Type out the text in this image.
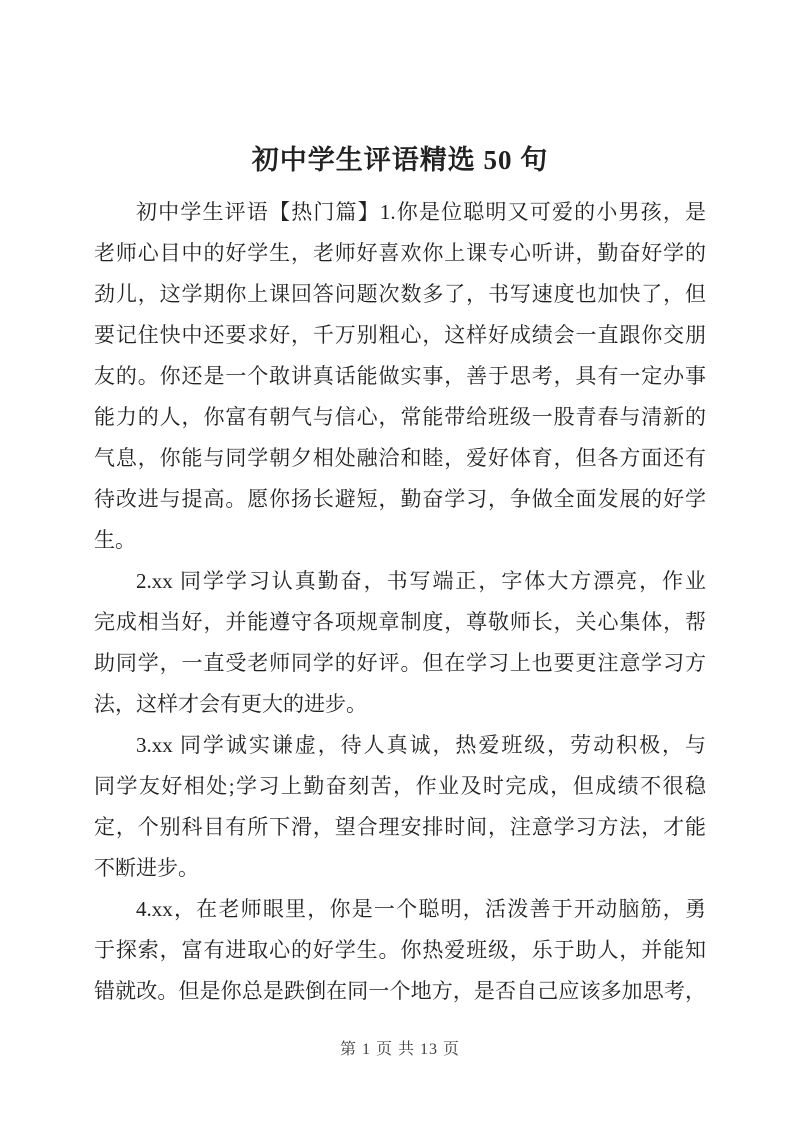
初中学生评语精选 50 句
初中学生评语【热门篇】1.你是位聪明又可爱的小男孩，是
老师心目中的好学生，老师好喜欢你上课专心听讲，勤奋好学的
劲儿，这学期你上课回答问题次数多了，书写速度也加快了，但
要记住快中还要求好，千万别粗心，这样好成绩会一直跟你交朋
友的。你还是一个敢讲真话能做实事，善于思考，具有一定办事
能力的人，你富有朝气与信心，常能带给班级一股青春与清新的
气息，你能与同学朝夕相处融洽和睦，爱好体育，但各方面还有
待改进与提高。愿你扬长避短，勤奋学习，争做全面发展的好学
生。
2.xx 同学学习认真勤奋，书写端正，字体大方漂亮，作业
完成相当好，并能遵守各项规章制度，尊敬师长，关心集体，帮
助同学，一直受老师同学的好评。但在学习上也要更注意学习方
法，这样才会有更大的进步。
3.xx 同学诚实谦虚，待人真诚，热爱班级，劳动积极，与
同学友好相处;学习上勤奋刻苦，作业及时完成，但成绩不很稳
定，个别科目有所下滑，望合理安排时间，注意学习方法，才能
不断进步。
4.xx，在老师眼里，你是一个聪明，活泼善于开动脑筋，勇
于探索，富有进取心的好学生。你热爱班级，乐于助人，并能知
错就改。但是你总是跌倒在同一个地方，是否自己应该多加思考，
第 1 页 共 13 页
